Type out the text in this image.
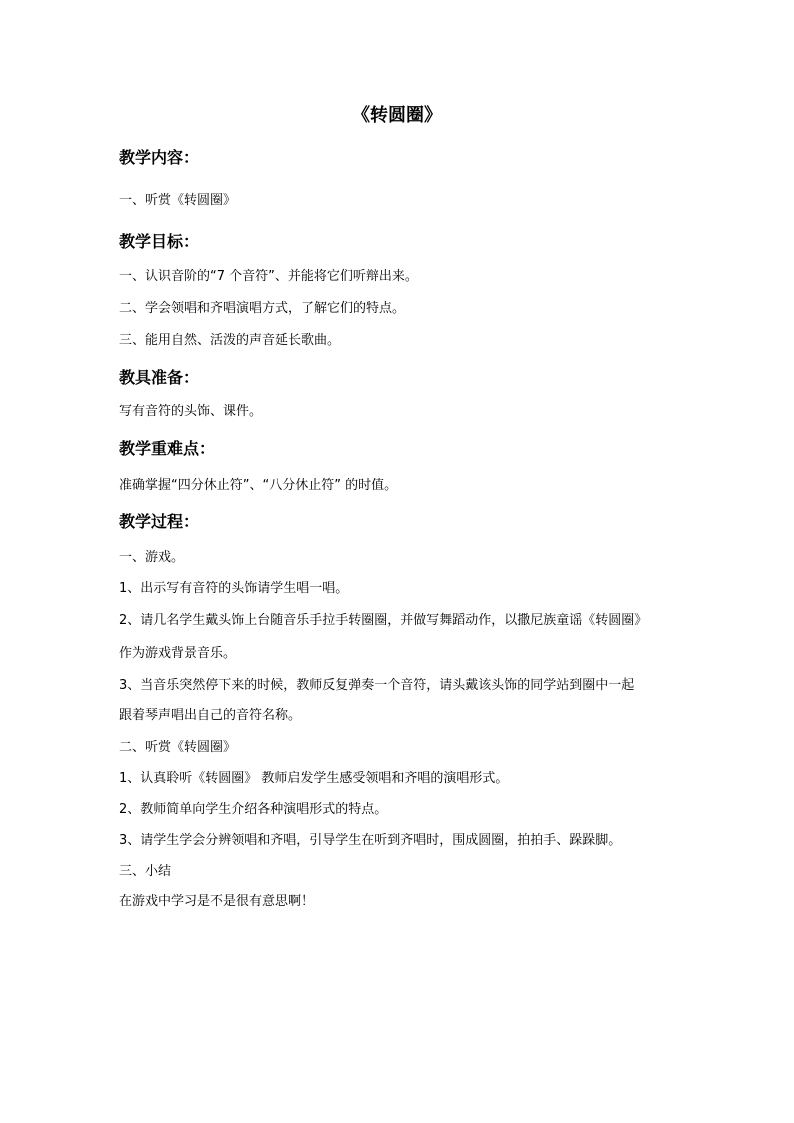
《转圆圈》
教学内容：
一、听赏《转圆圈》
教学目标：
一、认识音阶的“7 个音符”、并能将它们听辩出来。
二、学会领唱和齐唱演唱方式，了解它们的特点。
三、能用自然、活泼的声音延长歌曲。
教具准备：
写有音符的头饰、课件。
教学重难点：
准确掌握“四分休止符”、“八分休止符” 的时值。
教学过程：
一、游戏。
1、出示写有音符的头饰请学生唱一唱。
2、请几名学生戴头饰上台随音乐手拉手转圈圈，并做写舞蹈动作，以撒尼族童谣《转圆圈》
作为游戏背景音乐。
3、当音乐突然停下来的时候，教师反复弹奏一个音符，请头戴该头饰的同学站到圈中一起
跟着琴声唱出自己的音符名称。
二、听赏《转圆圈》
1、认真聆听《转圆圈》 教师启发学生感受领唱和齐唱的演唱形式。
2、教师简单向学生介绍各种演唱形式的特点。
3、请学生学会分辨领唱和齐唱，引导学生在听到齐唱时，围成圆圈，拍拍手、跺跺脚。
三、小结
在游戏中学习是不是很有意思啊！
